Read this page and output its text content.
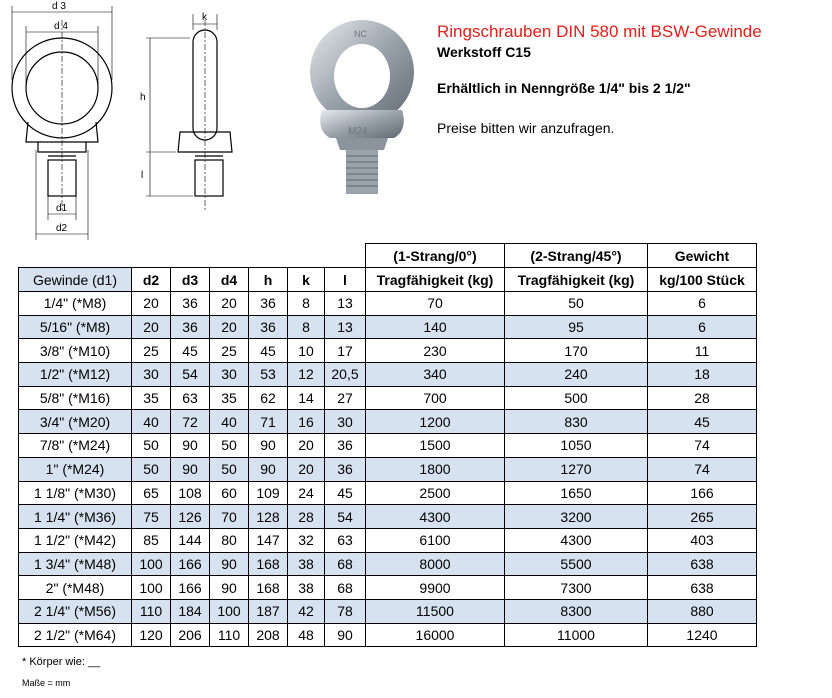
d 3
d 4
d1
d2
k
h
l
NC
M24
Ringschrauben DIN 580 mit BSW-Gewinde
Werkstoff C15
Erhältlich in Nenngröße 1/4" bis 2 1/2"
Preise bitten wir anzufragen.
							(1-Strang/0°)	(2-Strang/45°)	Gewicht
Gewinde (d1)	d2	d3	d4	h	k	l	Tragfähigkeit (kg)	Tragfähigkeit (kg)	kg/100 Stück
1/4" (*M8)	20	36	20	36	8	13	70	50	6
5/16" (*M8)	20	36	20	36	8	13	140	95	6
3/8" (*M10)	25	45	25	45	10	17	230	170	11
1/2" (*M12)	30	54	30	53	12	20,5	340	240	18
5/8" (*M16)	35	63	35	62	14	27	700	500	28
3/4" (*M20)	40	72	40	71	16	30	1200	830	45
7/8" (*M24)	50	90	50	90	20	36	1500	1050	74
1" (*M24)	50	90	50	90	20	36	1800	1270	74
1 1/8" (*M30)	65	108	60	109	24	45	2500	1650	166
1 1/4" (*M36)	75	126	70	128	28	54	4300	3200	265
1 1/2" (*M42)	85	144	80	147	32	63	6100	4300	403
1 3/4" (*M48)	100	166	90	168	38	68	8000	5500	638
2" (*M48)	100	166	90	168	38	68	9900	7300	638
2 1/4" (*M56)	110	184	100	187	42	78	11500	8300	880
2 1/2" (*M64)	120	206	110	208	48	90	16000	11000	1240
* Körper wie: __
Maße = mm
